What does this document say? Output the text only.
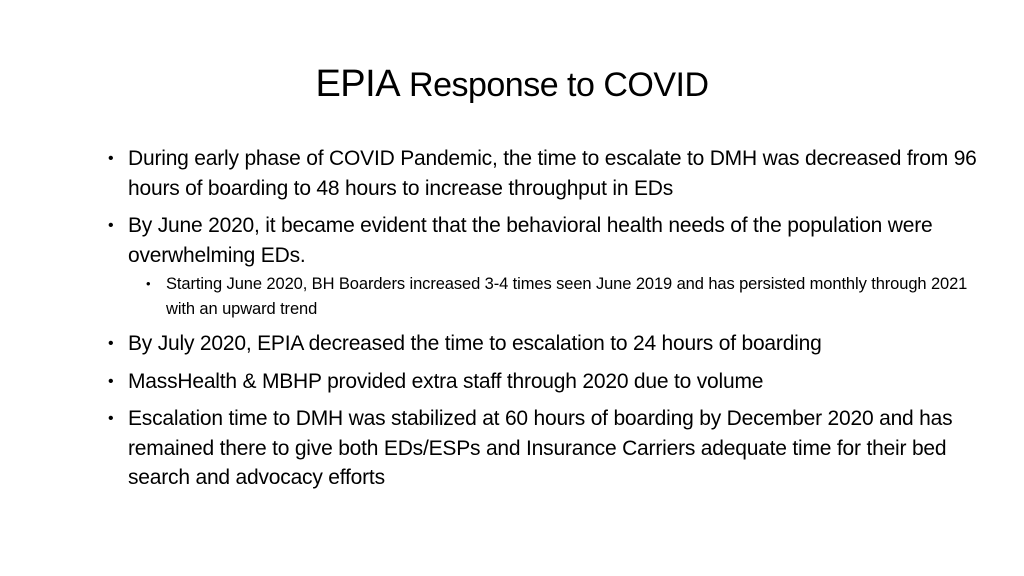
EPIA Response to COVID
• During early phase of COVID Pandemic, the time to escalate to DMH was decreased from 96 hours of boarding to 48 hours to increase throughput in EDs
• By June 2020, it became evident that the behavioral health needs of the population were overwhelming EDs.
• Starting June 2020, BH Boarders increased 3-4 times seen June 2019 and has persisted monthly through 2021 with an upward trend
• By July 2020, EPIA decreased the time to escalation to 24 hours of boarding
• MassHealth & MBHP provided extra staff through 2020 due to volume
• Escalation time to DMH was stabilized at 60 hours of boarding by December 2020 and has remained there to give both EDs/ESPs and Insurance Carriers adequate time for their bed search and advocacy efforts
